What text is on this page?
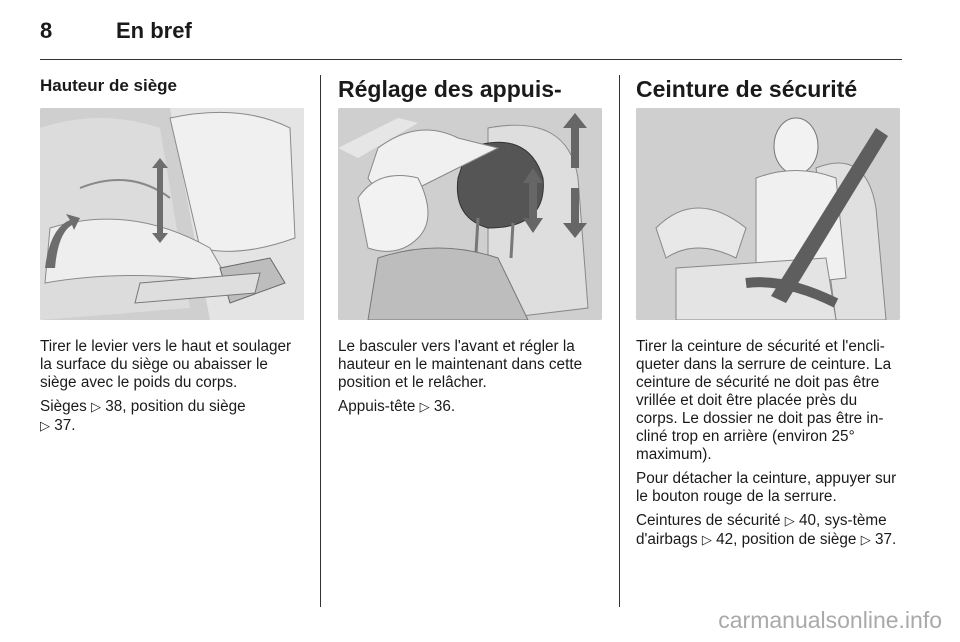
8	En bref
Hauteur de siège

Tirer le levier vers le haut et soulager la surface du siège ou abaisser le siège avec le poids du corps.

Sièges ▷ 38, position du siège
▷ 37.

Réglage des appuis-

Le basculer vers l'avant et régler la hauteur en le maintenant dans cette position et le relâcher.

Appuis-tête ▷ 36.

Ceinture de sécurité

Tirer la ceinture de sécurité et l'encli-queter dans la serrure de ceinture. La ceinture de sécurité ne doit pas être vrillée et doit être placée près du corps. Le dossier ne doit pas être in-cliné trop en arrière (environ 25° maximum).

Pour détacher la ceinture, appuyer sur le bouton rouge de la serrure.

Ceintures de sécurité ▷ 40, sys-tème d'airbags ▷ 42, position de siège ▷ 37.

carmanualsonline.info
